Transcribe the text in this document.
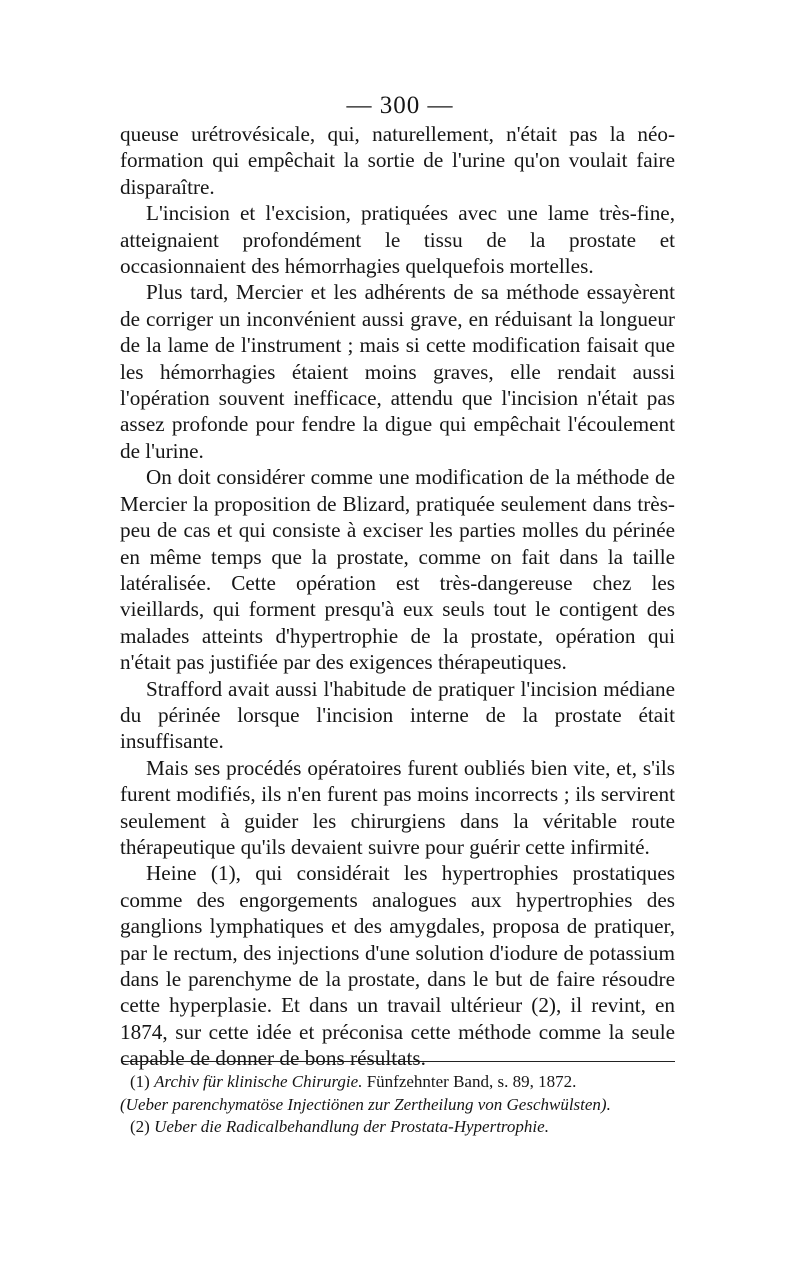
— 300 —

queuse urétrovésicale, qui, naturellement, n'était pas la néo-formation qui empêchait la sortie de l'urine qu'on voulait faire disparaître.

L'incision et l'excision, pratiquées avec une lame très-fine, atteignaient profondément le tissu de la prostate et occasionnaient des hémorrhagies quelquefois mortelles.

Plus tard, Mercier et les adhérents de sa méthode essayèrent de corriger un inconvénient aussi grave, en réduisant la longueur de la lame de l'instrument ; mais si cette modification faisait que les hémorrhagies étaient moins graves, elle rendait aussi l'opération souvent inefficace, attendu que l'incision n'était pas assez profonde pour fendre la digue qui empêchait l'écoulement de l'urine.

On doit considérer comme une modification de la méthode de Mercier la proposition de Blizard, pratiquée seulement dans très-peu de cas et qui consiste à exciser les parties molles du périnée en même temps que la prostate, comme on fait dans la taille latéralisée. Cette opération est très-dangereuse chez les vieillards, qui forment presqu'à eux seuls tout le contigent des malades atteints d'hypertrophie de la prostate, opération qui n'était pas justifiée par des exigences thérapeutiques.

Strafford avait aussi l'habitude de pratiquer l'incision médiane du périnée lorsque l'incision interne de la prostate était insuffisante.

Mais ses procédés opératoires furent oubliés bien vite, et, s'ils furent modifiés, ils n'en furent pas moins incorrects ; ils servirent seulement à guider les chirurgiens dans la véritable route thérapeutique qu'ils devaient suivre pour guérir cette infirmité.

Heine (1), qui considérait les hypertrophies prostatiques comme des engorgements analogues aux hypertrophies des ganglions lymphatiques et des amygdales, proposa de pratiquer, par le rectum, des injections d'une solution d'iodure de potassium dans le parenchyme de la prostate, dans le but de faire résoudre cette hyperplasie. Et dans un travail ultérieur (2), il revint, en 1874, sur cette idée et préconisa cette méthode comme la seule capable de donner de bons résultats.

(1) Archiv für klinische Chirurgie. Fünfzehnter Band, s. 89, 1872.

(Ueber parenchymatöse Injectiönen zur Zertheilung von Geschwülsten).

(2) Ueber die Radicalbehandlung der Prostata-Hypertrophie.
